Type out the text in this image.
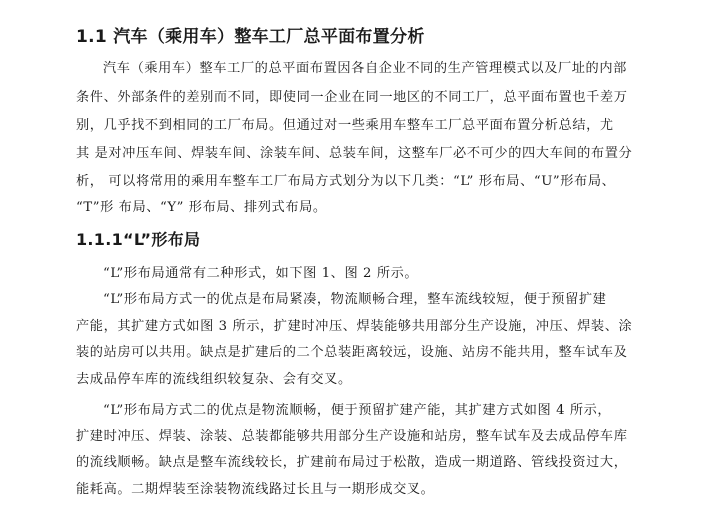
1.1 汽车（乘用车）整车工厂总平面布置分析

汽车（乘用车）整车工厂的总平面布置因各自企业不同的生产管理模式以及厂址的内部

条件、外部条件的差别而不同，即使同一企业在同一地区的不同工厂，总平面布置也千差万

别，几乎找不到相同的工厂布局。但通过对一些乘用车整车工厂总平面布置分析总结，尤

其 是对冲压车间、焊装车间、涂装车间、总装车间，这整车厂必不可少的四大车间的布置分

析， 可以将常用的乘用车整车工厂布局方式划分为以下几类：“L” 形布局、“U”形布局、

“T”形 布局、“Y” 形布局、排列式布局。

1.1.1“L”形布局

“L”形布局通常有二种形式，如下图 1、图 2 所示。

“L”形布局方式一的优点是布局紧凑，物流顺畅合理，整车流线较短，便于预留扩建

产能，其扩建方式如图 3 所示，扩建时冲压、焊装能够共用部分生产设施，冲压、焊装、涂

装的站房可以共用。缺点是扩建后的二个总装距离较远，设施、站房不能共用，整车试车及

去成品停车库的流线组织较复杂、会有交叉。

“L”形布局方式二的优点是物流顺畅，便于预留扩建产能，其扩建方式如图 4 所示，

扩建时冲压、焊装、涂装、总装都能够共用部分生产设施和站房，整车试车及去成品停车库

的流线顺畅。缺点是整车流线较长，扩建前布局过于松散，造成一期道路、管线投资过大，

能耗高。二期焊装至涂装物流线路过长且与一期形成交叉。
